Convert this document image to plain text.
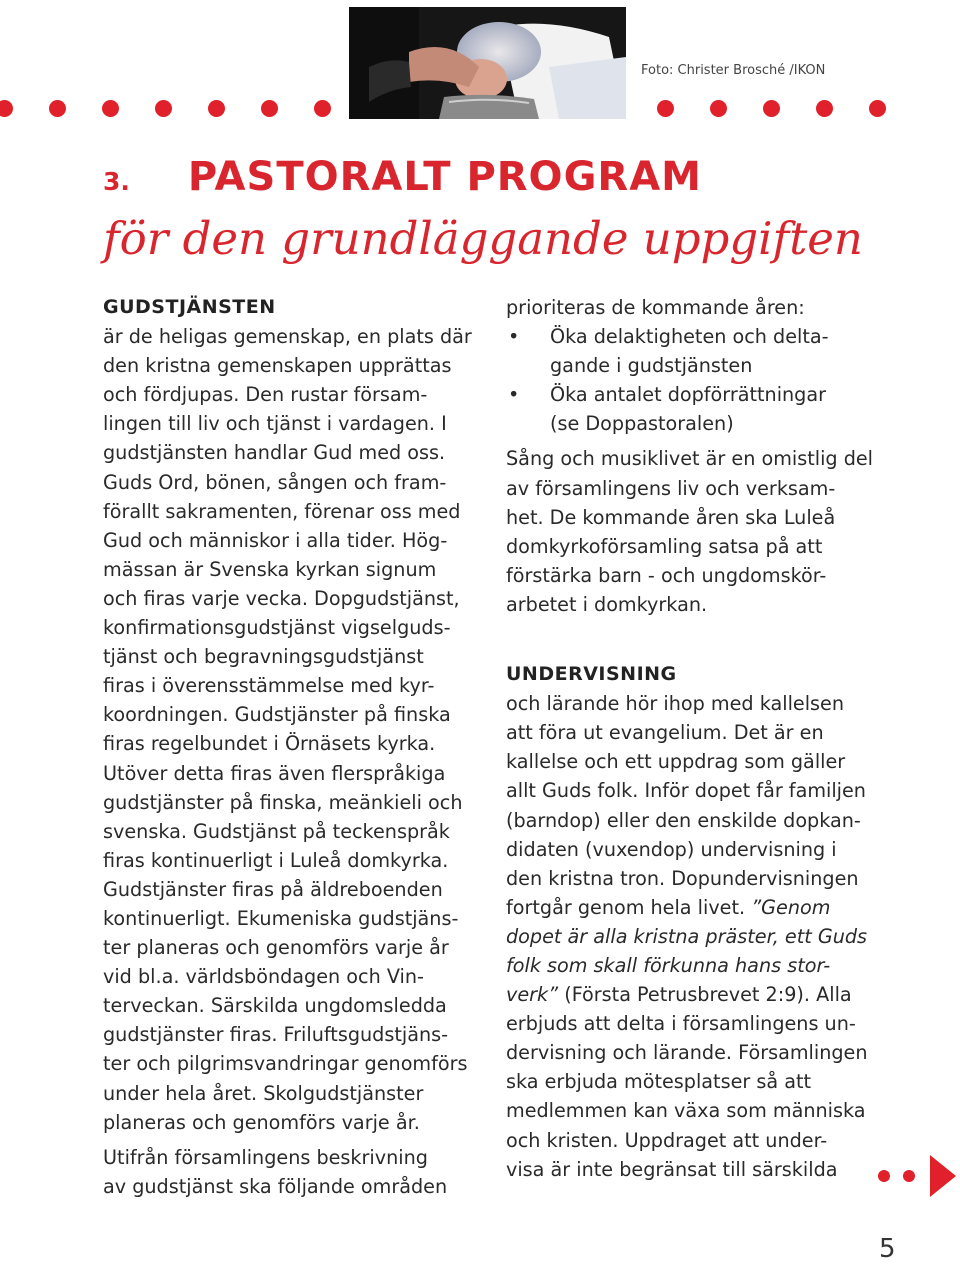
Foto: Christer Brosché /IKON
3. PASTORALT PROGRAM
för den grundläggande uppgiften

GUDSTJÄNSTEN

är de heligas gemenskap, en plats där

den kristna gemenskapen upprättas

och fördjupas. Den rustar försam-

lingen till liv och tjänst i vardagen. I

gudstjänsten handlar Gud med oss.

Guds Ord, bönen, sången och fram-

förallt sakramenten, förenar oss med

Gud och människor i alla tider. Hög-

mässan är Svenska kyrkan signum

och firas varje vecka. Dopgudstjänst,

konfirmationsgudstjänst vigselguds-

tjänst och begravningsgudstjänst

firas i överensstämmelse med kyr-

koordningen. Gudstjänster på finska

firas regelbundet i Örnäsets kyrka.

Utöver detta firas även flerspråkiga

gudstjänster på finska, meänkieli och

svenska. Gudstjänst på teckenspråk

firas kontinuerligt i Luleå domkyrka.

Gudstjänster firas på äldreboenden

kontinuerligt. Ekumeniska gudstjäns-

ter planeras och genomförs varje år

vid bl.a. världsböndagen och Vin-

terveckan. Särskilda ungdomsledda

gudstjänster firas. Friluftsgudstjäns-

ter och pilgrimsvandringar genomförs

under hela året. Skolgudstjänster

planeras och genomförs varje år.

Utifrån församlingens beskrivning

av gudstjänst ska följande områden

prioriteras de kommande åren:

• Öka delaktigheten och delta-

gande i gudstjänsten

• Öka antalet dopförrättningar

(se Doppastoralen)

Sång och musiklivet är en omistlig del

av församlingens liv och verksam-

het. De kommande åren ska Luleå

domkyrkoförsamling satsa på att

förstärka barn - och ungdomskör-

arbetet i domkyrkan.

UNDERVISNING

och lärande hör ihop med kallelsen

att föra ut evangelium. Det är en

kallelse och ett uppdrag som gäller

allt Guds folk. Inför dopet får familjen

(barndop) eller den enskilde dopkan-

didaten (vuxendop) undervisning i

den kristna tron. Dopundervisningen

fortgår genom hela livet. ”Genom

dopet är alla kristna präster, ett Guds

folk som skall förkunna hans stor-

verk” (Första Petrusbrevet 2:9). Alla

erbjuds att delta i församlingens un-

dervisning och lärande. Församlingen

ska erbjuda mötesplatser så att

medlemmen kan växa som människa

och kristen. Uppdraget att under-

visa är inte begränsat till särskilda

5
